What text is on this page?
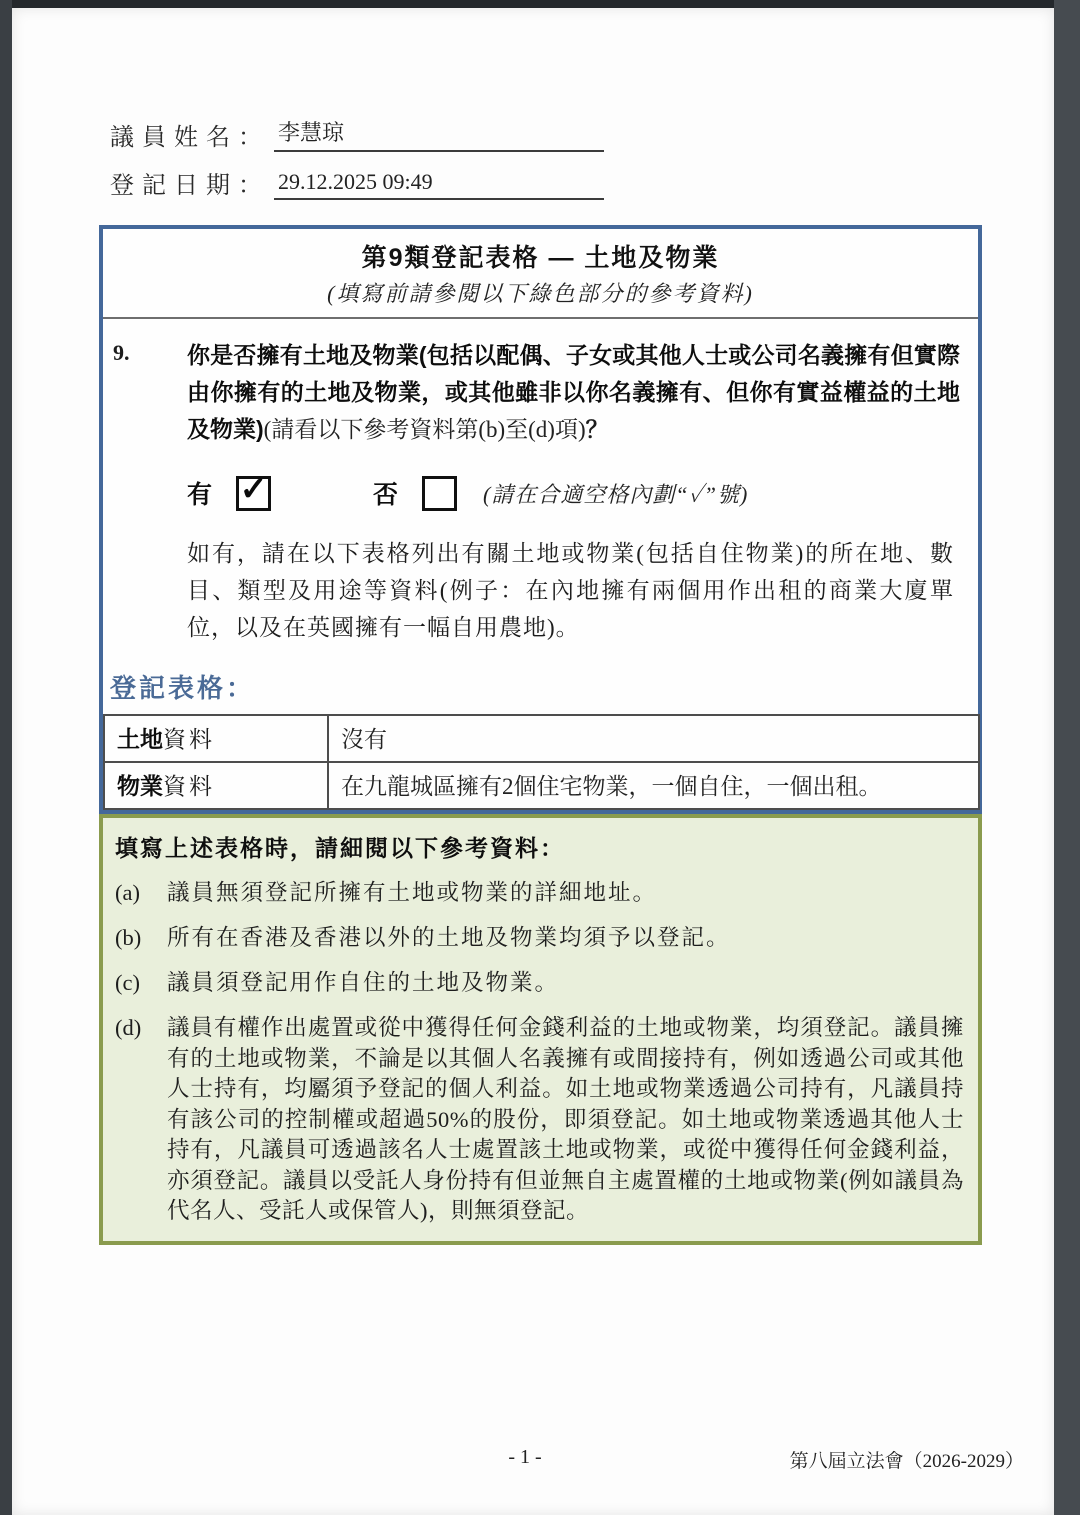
議員姓名： 李慧琼
登記日期： 29.12.2025 09:49
第9類登記表格 — 土地及物業
(填寫前請參閱以下綠色部分的參考資料)
9.	你是否擁有土地及物業(包括以配偶、子女或其他人士或公司名義擁有但實際由你擁有的土地及物業，或其他雖非以你名義擁有、但你有實益權益的土地及物業)(請看以下參考資料第(b)至(d)項)？
有 ✓	否	(請在合適空格內劃“✓”號)
如有，請在以下表格列出有關土地或物業(包括自住物業)的所在地、數目、類型及用途等資料(例子：在內地擁有兩個用作出租的商業大廈單位，以及在英國擁有一幅自用農地)。
登記表格：
土地資料	沒有
物業資料	在九龍城區擁有2個住宅物業，一個自住，一個出租。
填寫上述表格時，請細閱以下參考資料：
(a)	議員無須登記所擁有土地或物業的詳細地址。
(b)	所有在香港及香港以外的土地及物業均須予以登記。
(c)	議員須登記用作自住的土地及物業。
(d)	議員有權作出處置或從中獲得任何金錢利益的土地或物業，均須登記。議員擁有的土地或物業，不論是以其個人名義擁有或間接持有，例如透過公司或其他人士持有，均屬須予登記的個人利益。如土地或物業透過公司持有，凡議員持有該公司的控制權或超過50%的股份，即須登記。如土地或物業透過其他人士持有，凡議員可透過該名人士處置該土地或物業，或從中獲得任何金錢利益，亦須登記。議員以受託人身份持有但並無自主處置權的土地或物業(例如議員為代名人、受託人或保管人)，則無須登記。
- 1 -	第八屆立法會（2026-2029）
